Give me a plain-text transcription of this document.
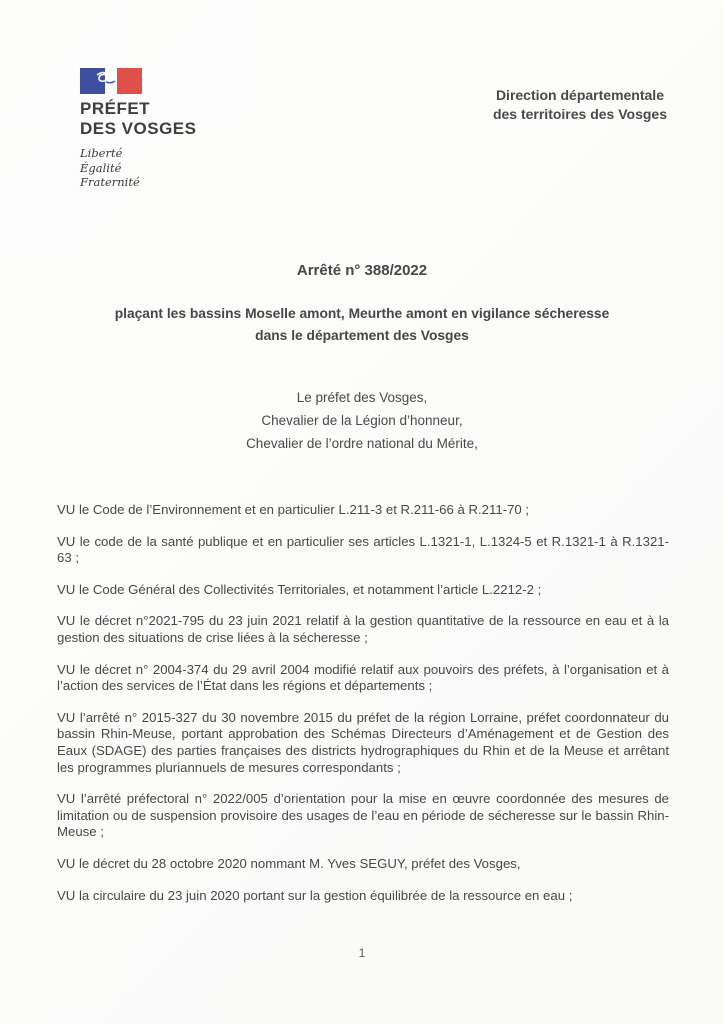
PRÉFET
DES VOSGES
Liberté
Égalité
Fraternité
Direction départementale
des territoires des Vosges
Arrêté n° 388/2022
plaçant les bassins Moselle amont, Meurthe amont en vigilance sécheresse
dans le département des Vosges
Le préfet des Vosges,
Chevalier de la Légion d’honneur,
Chevalier de l’ordre national du Mérite,

VU le Code de l’Environnement et en particulier L.211-3 et R.211-66 à R.211-70 ;

VU le code de la santé publique et en particulier ses articles L.1321-1, L.1324-5 et R.1321-1 à R.1321-63 ;

VU le Code Général des Collectivités Territoriales, et notamment l’article L.2212-2 ;

VU le décret n°2021-795 du 23 juin 2021 relatif à la gestion quantitative de la ressource en eau et à la gestion des situations de crise liées à la sécheresse ;

VU le décret n° 2004-374 du 29 avril 2004 modifié relatif aux pouvoirs des préfets, à l’organisation et à l’action des services de l’État dans les régions et départements ;

VU l’arrêté n° 2015-327 du 30 novembre 2015 du préfet de la région Lorraine, préfet coordonnateur du bassin Rhin-Meuse, portant approbation des Schémas Directeurs d’Aménagement et de Gestion des Eaux (SDAGE) des parties françaises des districts hydrographiques du Rhin et de la Meuse et arrêtant les programmes pluriannuels de mesures correspondants ;

VU l’arrêté préfectoral n° 2022/005 d’orientation pour la mise en œuvre coordonnée des mesures de limitation ou de suspension provisoire des usages de l’eau en période de sécheresse sur le bassin Rhin-Meuse ;

VU le décret du 28 octobre 2020 nommant M. Yves SEGUY, préfet des Vosges,

VU la circulaire du 23 juin 2020 portant sur la gestion équilibrée de la ressource en eau ;

1
